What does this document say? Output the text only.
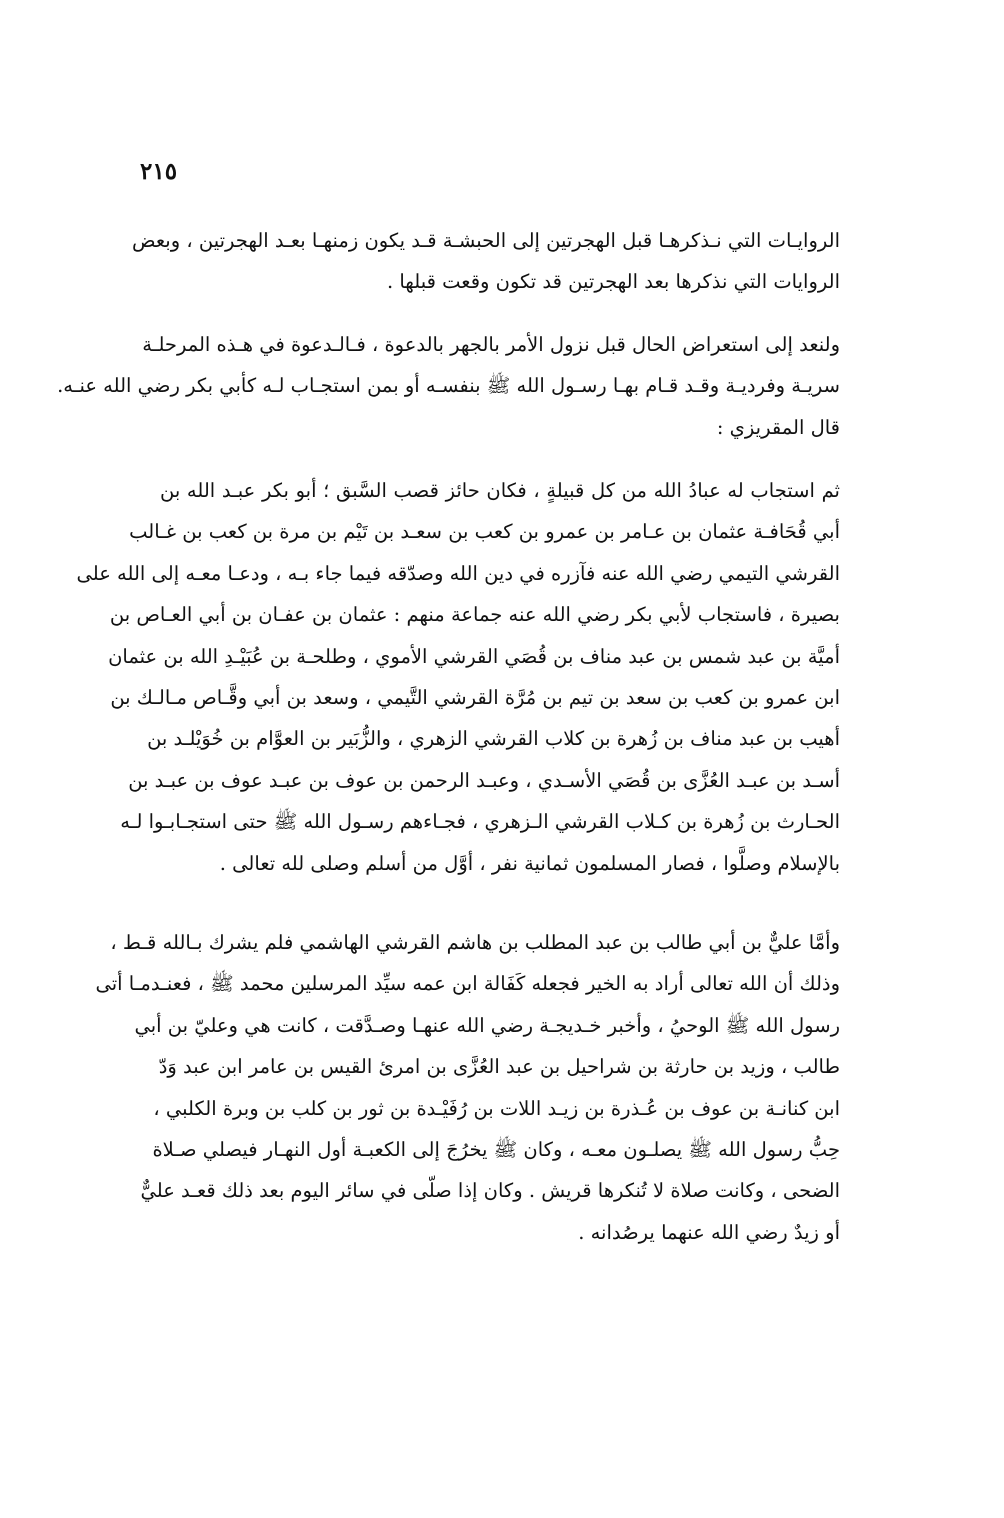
٢١٥
الروايـات التي نـذكرهـا قبل الهجرتين إلى الحبشـة قـد يكون زمنهـا بعـد الهجرتين ، وبعض
الروايات التي نذكرها بعد الهجرتين قد تكون وقعت قبلها .
ولنعد إلى استعراض الحال قبل نزول الأمر بالجهر بالدعوة ، فـالـدعوة في هـذه المرحلـة
سريـة وفرديـة وقـد قـام بهـا رسـول الله ﷺ بنفسـه أو بمن استجـاب لـه كأبي بكر رضي الله عنـه.
قال المقريزي :
ثم استجاب له عبادُ الله من كل قبيلةٍ ، فكان حائز قصب السَّبق ؛ أبو بكر عبـد الله بن
أبي قُحَافـة عثمان بن عـامر بن عمرو بن كعب بن سعـد بن تَيْم بن مرة بن كعب بن غـالب
القرشي التيمي رضي الله عنه فآزره في دين الله وصدّقه فيما جاء بـه ، ودعـا معـه إلى الله على
بصيرة ، فاستجاب لأبي بكر رضي الله عنه جماعة منهم : عثمان بن عفـان بن أبي العـاص بن
أميَّة بن عبد شمس بن عبد مناف بن قُصَي القرشي الأموي ، وطلحـة بن عُبَيْـدِ الله بن عثمان
ابن عمرو بن كعب بن سعد بن تيم بن مُرَّة القرشي التَّيمي ، وسعد بن أبي وقَّـاص مـالـك بن
أهيب بن عبد مناف بن زُهرة بن كلاب القرشي الزهري ، والزُّبَير بن العوَّام بن خُوَيْلـد بن
أسـد بن عبـد العُزَّى بن قُصَي الأسـدي ، وعبـد الرحمن بن عوف بن عبـد عوف بن عبـد بن
الحـارث بن زُهرة بن كـلاب القرشي الـزهري ، فجـاءهم رسـول الله ﷺ حتى استجـابـوا لـه
بالإسلام وصلَّوا ، فصار المسلمون ثمانية نفر ، أوَّل من أسلم وصلى لله تعالى .
وأمَّا عليٌّ بن أبي طالب بن عبد المطلب بن هاشم القرشي الهاشمي فلم يشرك بـالله قـط ،
وذلك أن الله تعالى أراد به الخير فجعله كَفَالة ابن عمه سيِّد المرسلين محمد ﷺ ، فعنـدمـا أتى
رسول الله ﷺ الوحيُ ، وأخبر خـديجـة رضي الله عنهـا وصـدَّقت ، كانت هي وعليّ بن أبي
طالب ، وزيد بن حارثة بن شراحيل بن عبد العُزَّى بن امرئ القيس بن عامر ابن عبد وَدّ
ابن كنانـة بن عوف بن عُـذرة بن زيـد اللات بن رُفَيْـدة بن ثور بن كلب بن وبرة الكلبي ،
حِبُّ رسول الله ﷺ يصلـون معـه ، وكان ﷺ يخرُجَ إلى الكعبـة أول النهـار فيصلي صـلاة
الضحى ، وكانت صلاة لا تُنكرها قريش . وكان إذا صلّى في سائر اليوم بعد ذلك قعـد عليٌّ
أو زيدٌ رضي الله عنهما يرصُدانه .
